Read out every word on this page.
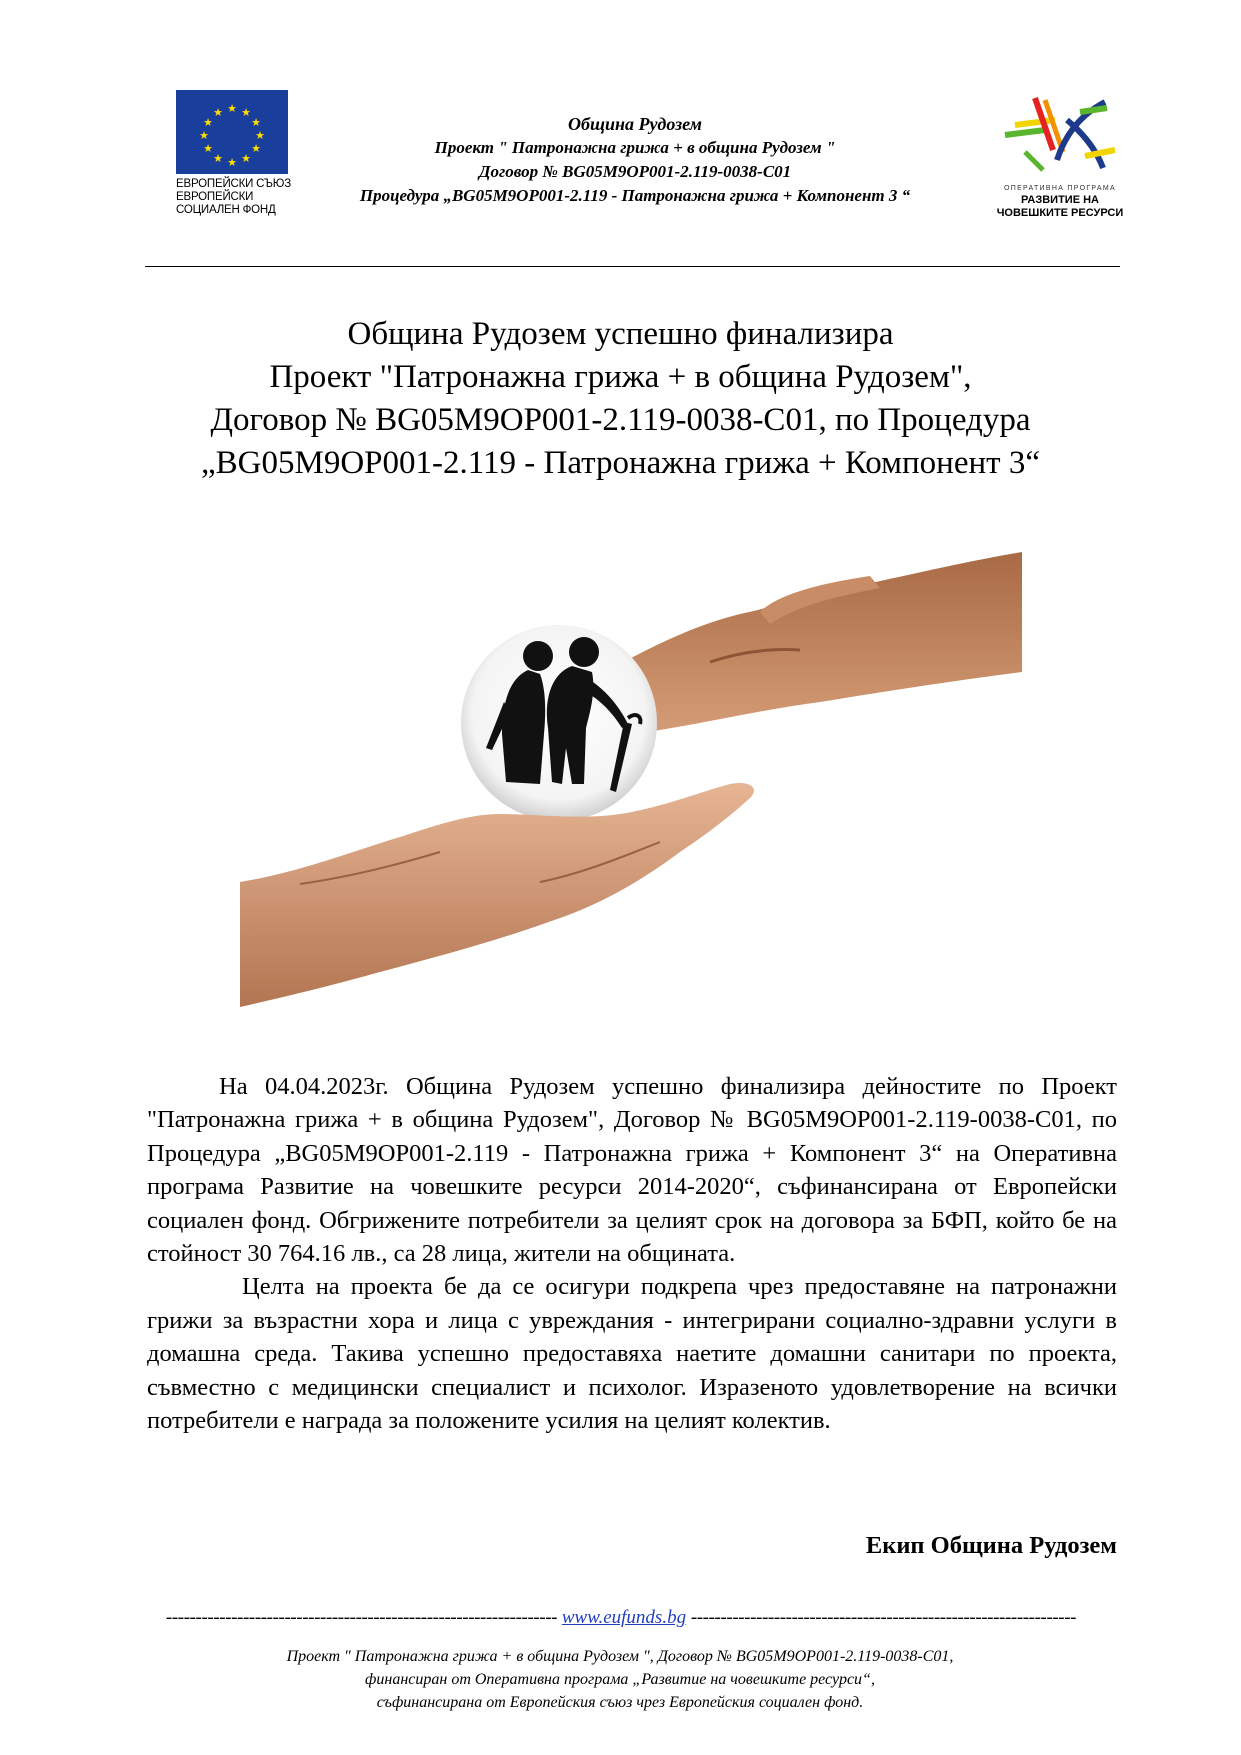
★ ★
★
★
★
★
★
★
★
★
★
★
ЕВРОПЕЙСКИ СЪЮЗ
ЕВРОПЕЙСКИ
СОЦИАЛЕН ФОНД
Община Рудозем
Проект " Патронажна грижа + в община Рудозем "
Договор № BG05M9OP001-2.119-0038-C01
Процедура „BG05M9OP001-2.119 - Патронажна грижа + Компонент 3 “	ОПЕРАТИВНА ПРОГРАМА
РАЗВИТИЕ НА
ЧОВЕШКИТЕ РЕСУРСИ
Община Рудозем успешно финализира
Проект "Патронажна грижа + в община Рудозем",
Договор № BG05M9OP001-2.119-0038-C01, по Процедура
„BG05M9OP001-2.119 - Патронажна грижа + Компонент 3“

На 04.04.2023г. Община Рудозем успешно финализира дейностите по Проект "Патронажна грижа + в община Рудозем", Договор № BG05M9OP001-2.119-0038-C01, по Процедура „BG05M9OP001-2.119 - Патронажна грижа + Компонент 3“ на Оперативна програма Развитие на човешките ресурси 2014-2020“, съфинансирана от Европейски социален фонд. Обгрижените потребители за целият срок на договора за БФП, който бе на стойност 30 764.16 лв., са 28 лица, жители на общината.

Целта на проекта бе да се осигури подкрепа чрез предоставяне на патронажни грижи за възрастни хора и лица с увреждания - интегрирани социално-здравни услуги в домашна среда. Такива успешно предоставяха наетите домашни санитари по проекта, съвместно с медицински специалист и психолог. Изразеното удовлетворение на всички потребители е награда за положените усилия на целият колектив.

Екип Община Рудозем
------------------------------------------------------------------ www.eufunds.bg -----------------------------------------------------------------
Проект " Патронажна грижа + в община Рудозем ", Договор № BG05M9OP001-2.119-0038-C01,
финансиран от Оперативна програма „Развитие на човешките ресурси“,
съфинансирана от Европейския съюз чрез Европейския социален фонд.
